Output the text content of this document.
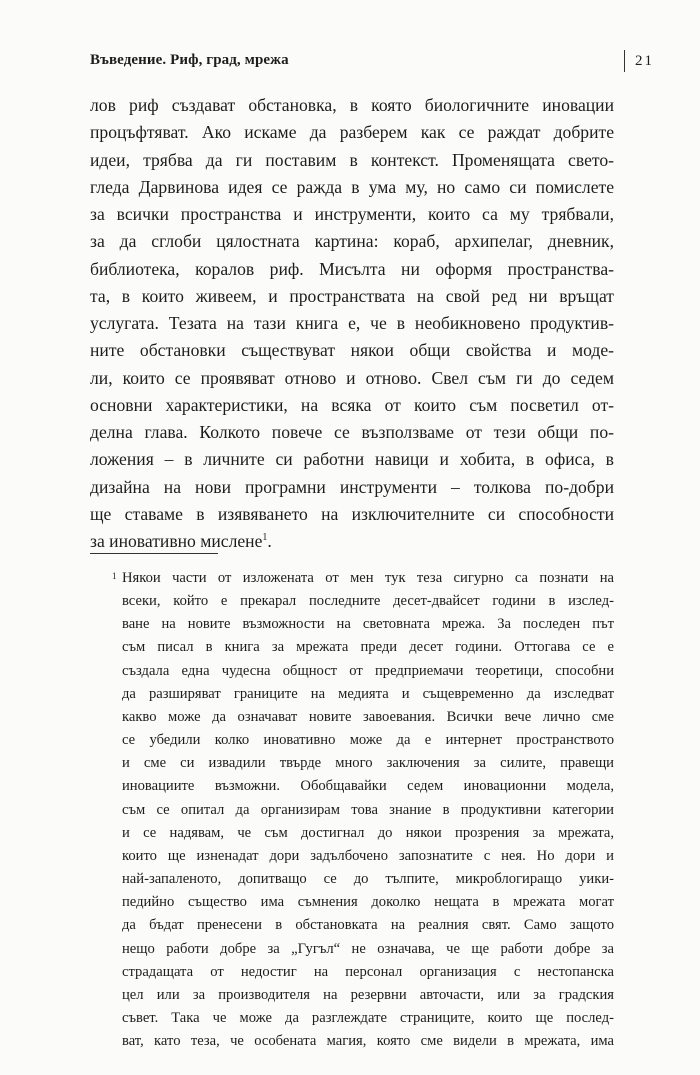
Въведение. Риф, град, мрежа	21
лов риф създават обстановка, в която биологичните иновации
процъфтяват. Ако искаме да разберем как се раждат добрите
идеи, трябва да ги поставим в контекст. Променящата свето-
гледа Дарвинова идея се ражда в ума му, но само си помислете
за всички пространства и инструменти, които са му трябвали,
за да сглоби цялостната картина: кораб, архипелаг, дневник,
библиотека, коралов риф. Мисълта ни оформя пространства-
та, в които живеем, и пространствата на свой ред ни връщат
услугата. Тезата на тази книга е, че в необикновено продуктив-
ните обстановки съществуват някои общи свойства и моде-
ли, които се проявяват отново и отново. Свел съм ги до седем
основни характеристики, на всяка от които съм посветил от-
делна глава. Колкото повече се възползваме от тези общи по-
ложения – в личните си работни навици и хобита, в офиса, в
дизайна на нови програмни инструменти – толкова по-добри
ще ставаме в изявяването на изключителните си способности
за иновативно мислене$^1$.
1 Някои части от изложената от мен тук теза сигурно са познати на
всеки, който е прекарал последните десет-двайсет години в изслед-
ване на новите възможности на световната мрежа. За последен път
съм писал в книга за мрежата преди десет години. Оттогава се е
създала една чудесна общност от предприемачи теоретици, способни
да разширяват границите на медията и същевременно да изследват
какво може да означават новите завоевания. Всички вече лично сме
се убедили колко иновативно може да е интернет пространството
и сме си извадили твърде много заключения за силите, правещи
иновациите възможни. Обобщавайки седем иновационни модела,
съм се опитал да организирам това знание в продуктивни категории
и се надявам, че съм достигнал до някои прозрения за мрежата,
които ще изненадат дори задълбочено запознатите с нея. Но дори и
най-запаленото, допитващо се до тълпите, микроблогиращо уики-
педийно същество има съмнения доколко нещата в мрежата могат
да бъдат пренесени в обстановката на реалния свят. Само защото
нещо работи добре за „Гугъл“ не означава, че ще работи добре за
страдащата от недостиг на персонал организация с нестопанска
цел или за производителя на резервни авточасти, или за градския
съвет. Така че може да разглеждате страниците, които ще послед-
ват, като теза, че особената магия, която сме видели в мрежата, има
